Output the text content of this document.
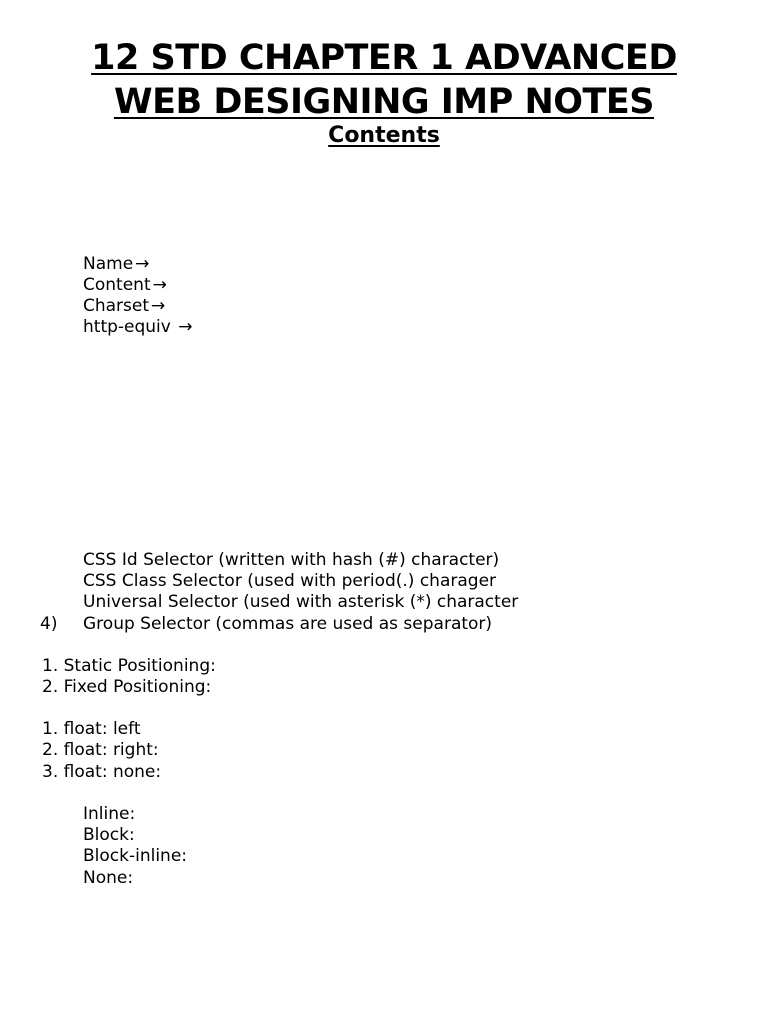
12 STD CHAPTER 1 ADVANCED
WEB DESIGNING IMP NOTES
Contents
Name →
Content →
Charset →
http-equiv →
CSS Id Selector (written with hash (#) character)
CSS Class Selector (used with period(.) charager
Universal Selector (used with asterisk (*) character
4) Group Selector (commas are used as separator)
1. Static Positioning:
2. Fixed Positioning:
1. float: left
2. float: right:
3. float: none:
Inline:
Block:
Block-inline:
None:
